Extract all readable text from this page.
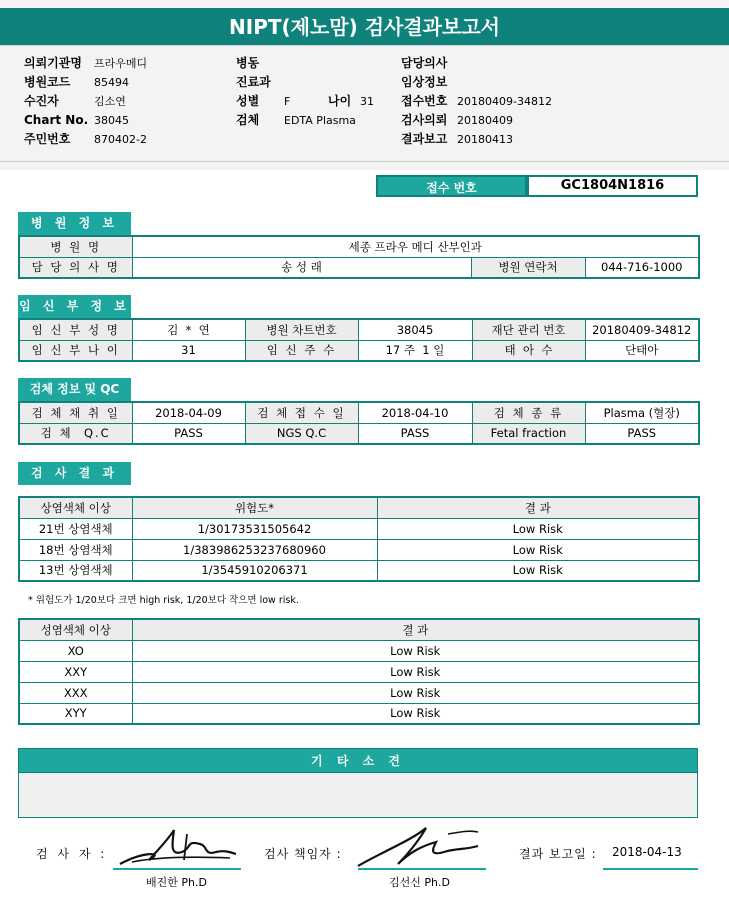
NIPT(제노맘) 검사결과보고서
의뢰기관명 프라우메디
병원코드 85494
수진자	김소연
Chart No. 38045
주민번호 870402-2
병동
진료과
성별 F	나이 31
검체 EDTA Plasma
담당의사
임상정보
접수번호 20180409-34812
검사의뢰 20180409
결과보고 20180413
접수 번호	GC1804N1816
병 원 정 보
병 원 명	세종 프라우 메디 산부인과		
담 당 의 사 명	송 성 래	병원 연락처	044-716-1000
임 신 부 정 보
임 신 부 성 명	김  *  연	병원 차트번호	38045	재단 관리 번호	20180409-34812
임 신 부 나 이	31	임 신 주 수	17 주  1 일	태  아  수	단태아
검체 정보 및 QC
검 체 채 취 일	2018-04-09	검 체 접 수 일	2018-04-10	검 체 종 류	Plasma (혈장)
검 체  Q.C	PASS	NGS Q.C	PASS	Fetal fraction	PASS
검 사 결 과
상염색체 이상	위험도*	결 과
21번 상염색체	1/30173531505642	Low Risk
18번 상염색체	1/383986253237680960	Low Risk
13번 상염색체	1/3545910206371	Low Risk
* 위험도가 1/20보다 크면 high risk, 1/20보다 작으면 low risk.
성염색체 이상	결 과
XO	Low Risk
XXY	Low Risk
XXX	Low Risk
XYY	Low Risk
기 타 소 견
검 사 자 :
배진한 Ph.D
검사 책임자 :
김선신 Ph.D
결과 보고일 : 2018-04-13
